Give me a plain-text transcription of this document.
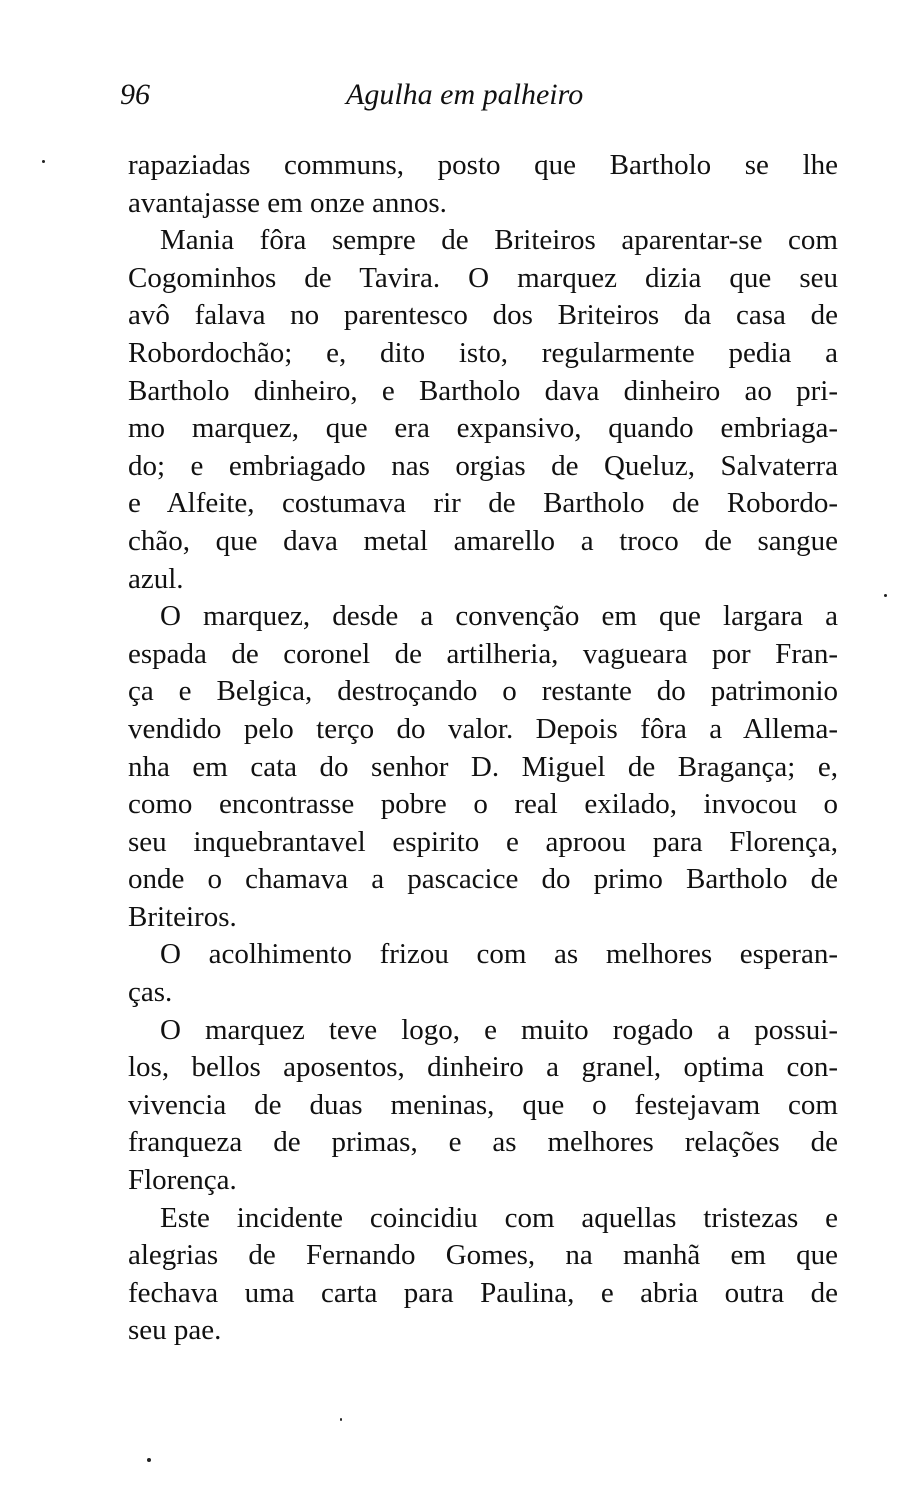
96	Agulha em palheiro

rapaziadas communs, posto que Bartholo se lhe
avantajasse em onze annos.

Mania fôra sempre de Briteiros aparentar-se com
Cogominhos de Tavira. O marquez dizia que seu
avô falava no parentesco dos Briteiros da casa de
Robordochão; e, dito isto, regularmente pedia a
Bartholo dinheiro, e Bartholo dava dinheiro ao pri-
mo marquez, que era expansivo, quando embriaga-
do; e embriagado nas orgias de Queluz, Salvaterra
e Alfeite, costumava rir de Bartholo de Robordo-
chão, que dava metal amarello a troco de sangue
azul.

O marquez, desde a convenção em que largara a
espada de coronel de artilheria, vagueara por Fran-
ça e Belgica, destroçando o restante do patrimonio
vendido pelo terço do valor. Depois fôra a Allema-
nha em cata do senhor D. Miguel de Bragança; e,
como encontrasse pobre o real exilado, invocou o
seu inquebrantavel espirito e aproou para Florença,
onde o chamava a pascacice do primo Bartholo de
Briteiros.

O acolhimento frizou com as melhores esperan-
ças.

O marquez teve logo, e muito rogado a possui-
los, bellos aposentos, dinheiro a granel, optima con-
vivencia de duas meninas, que o festejavam com
franqueza de primas, e as melhores relações de
Florença.

Este incidente coincidiu com aquellas tristezas e
alegrias de Fernando Gomes, na manhã em que
fechava uma carta para Paulina, e abria outra de
seu pae.
